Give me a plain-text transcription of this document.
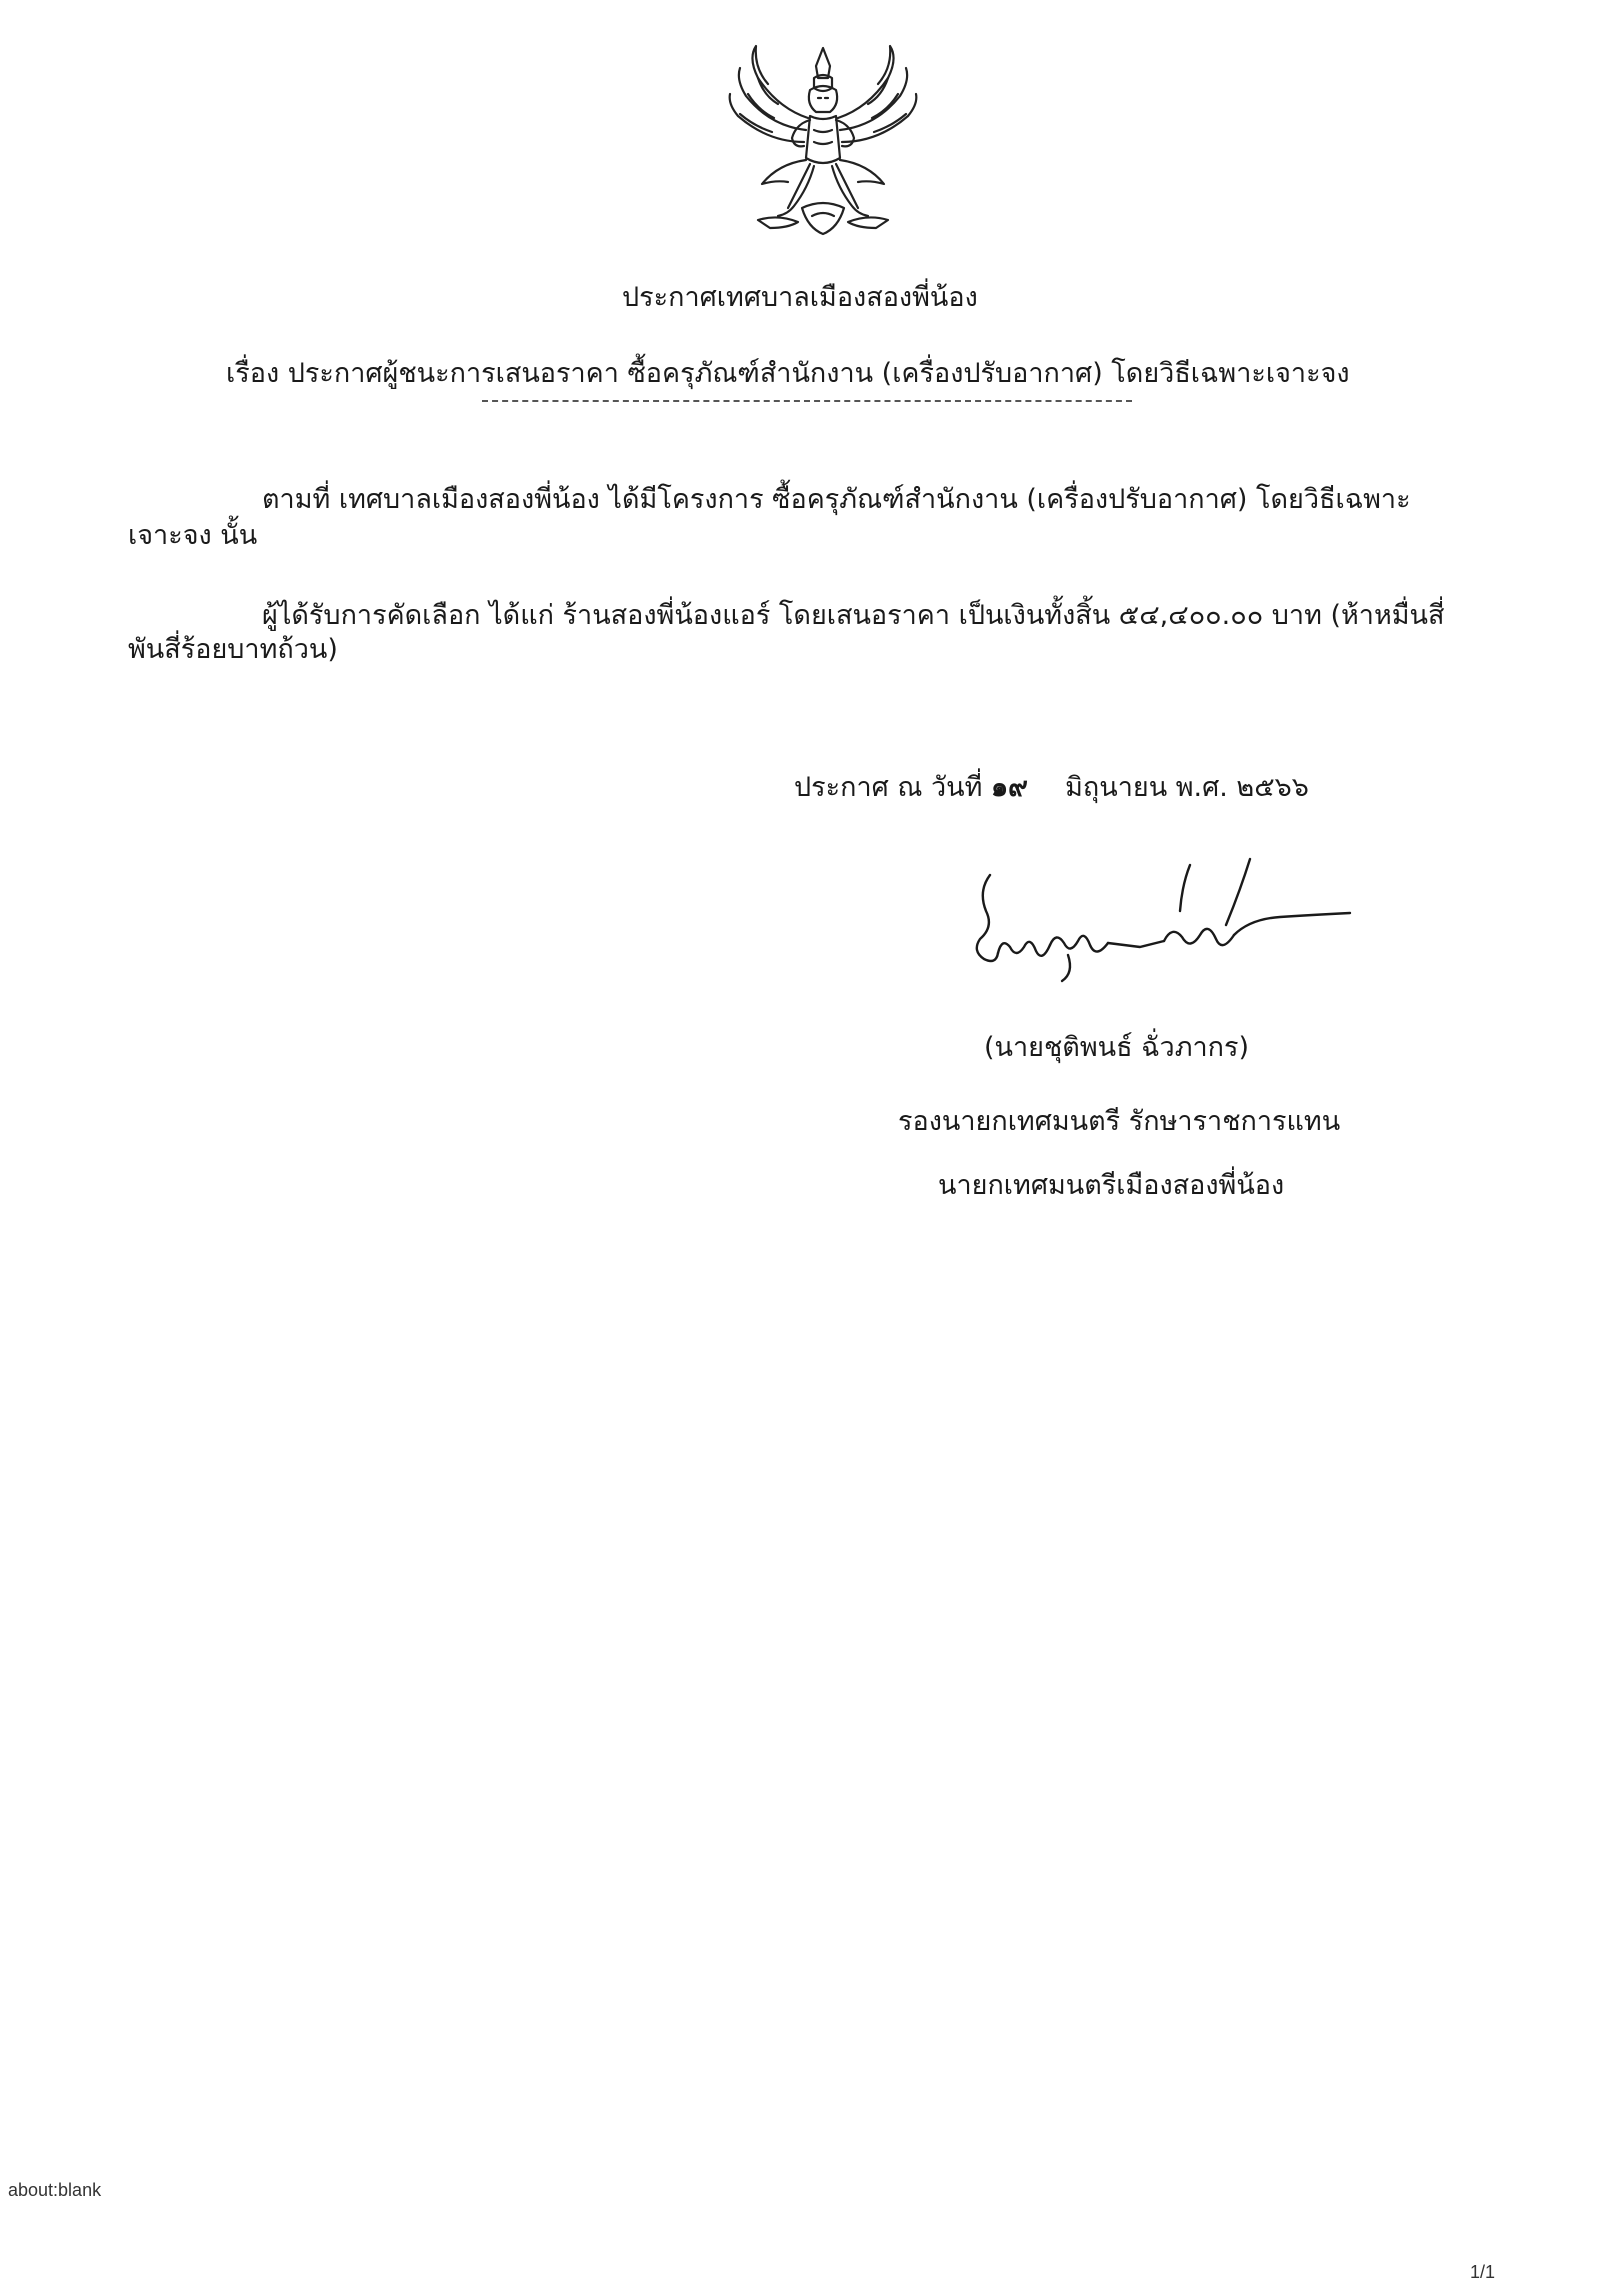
ประกาศเทศบาลเมืองสองพี่น้อง
เรื่อง ประกาศผู้ชนะการเสนอราคา ซื้อครุภัณฑ์สำนักงาน (เครื่องปรับอากาศ) โดยวิธีเฉพาะเจาะจง
ตามที่ เทศบาลเมืองสองพี่น้อง ได้มีโครงการ ซื้อครุภัณฑ์สำนักงาน (เครื่องปรับอากาศ) โดยวิธีเฉพาะ
เจาะจง นั้น
ผู้ได้รับการคัดเลือก ได้แก่ ร้านสองพี่น้องแอร์ โดยเสนอราคา เป็นเงินทั้งสิ้น ๕๔,๔๐๐.๐๐ บาท (ห้าหมื่นสี่
พันสี่ร้อยบาทถ้วน)
ประกาศ ณ วันที่ ๑๙ มิถุนายน พ.ศ. ๒๕๖๖
(นายชุติพนธ์ ฉั่วภากร)
รองนายกเทศมนตรี รักษาราชการแทน
นายกเทศมนตรีเมืองสองพี่น้อง
about:blank
1/1
